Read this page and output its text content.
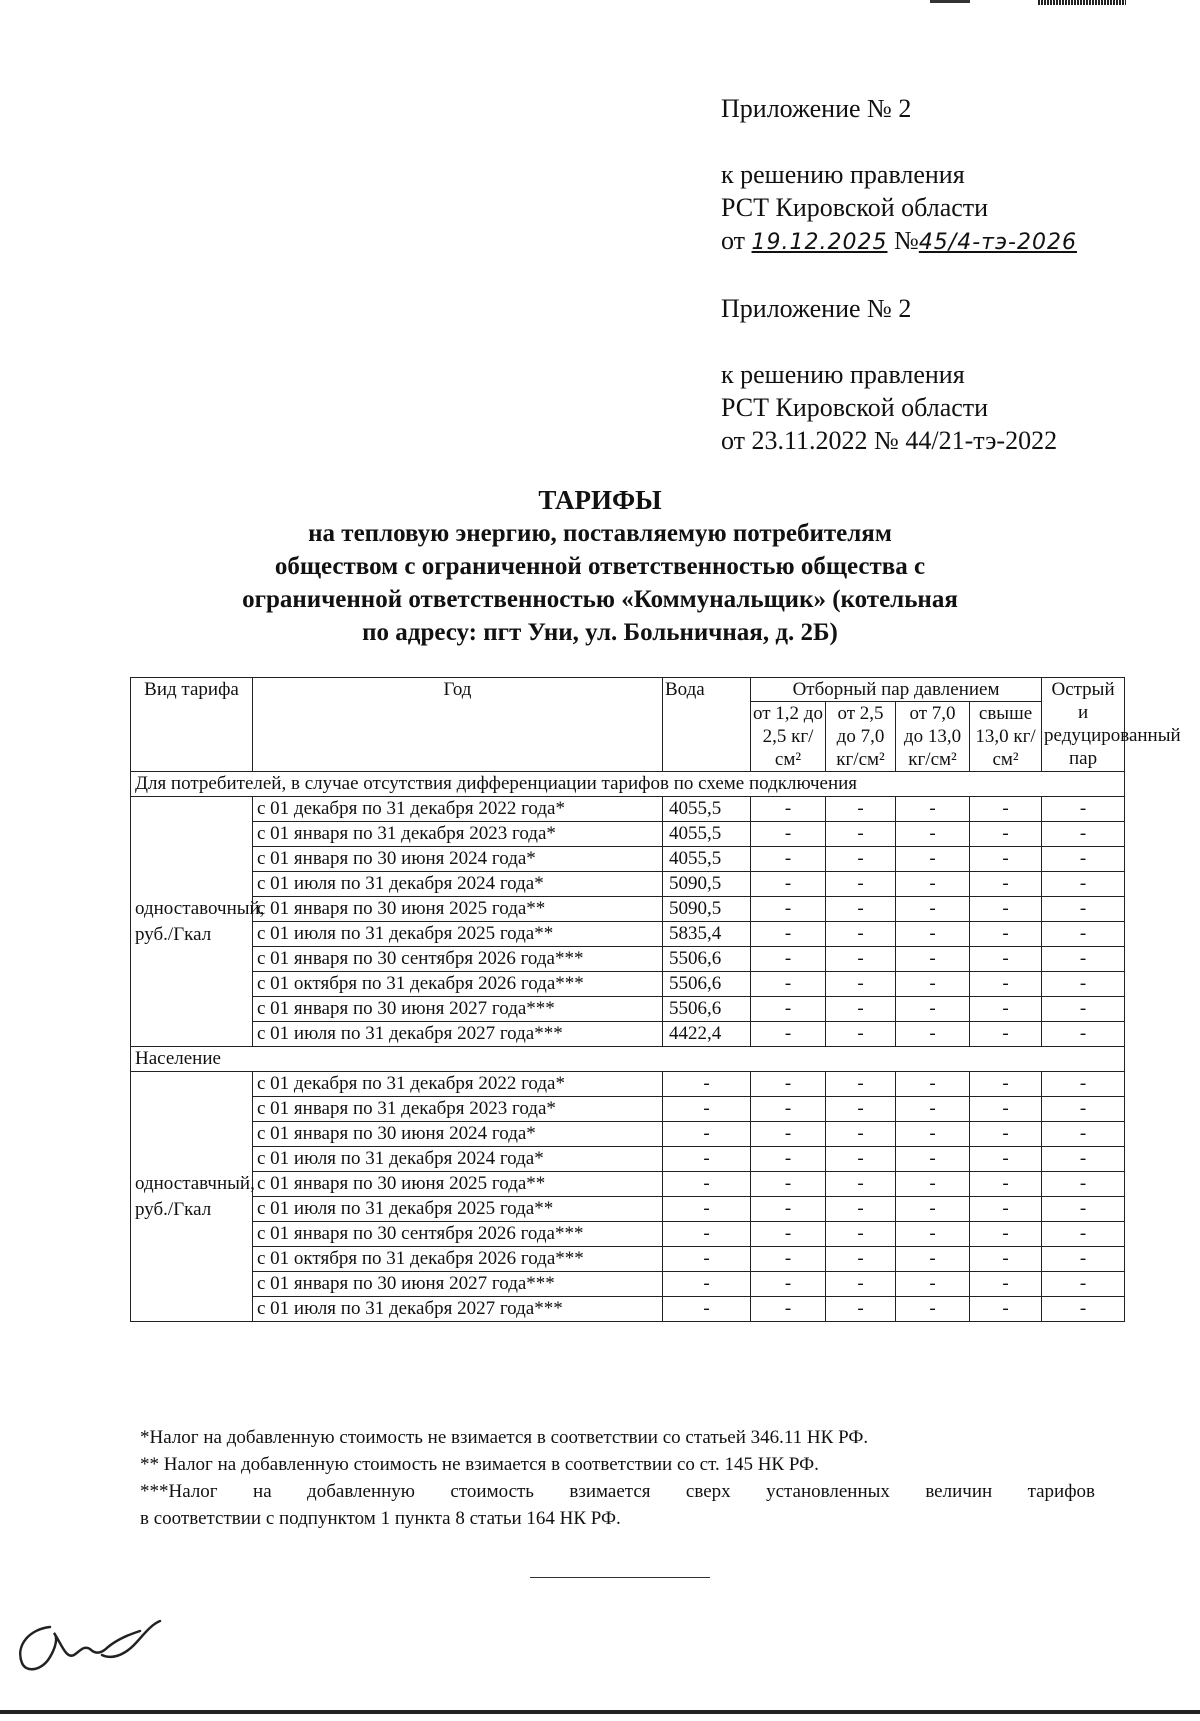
Приложение № 2
к решению правления
РСТ Кировской области
от 19.12.2025 №45/4-тэ-2026
Приложение № 2
к решению правления
РСТ Кировской области
от 23.11.2022 № 44/21-тэ-2022
ТАРИФЫ
на тепловую энергию, поставляемую потребителям
обществом с ограниченной ответственностью общества с
ограниченной ответственностью «Коммунальщик» (котельная
по адресу: пгт Уни, ул. Больничная, д. 2Б)
Вид тарифа	Год	Вода	Отборный пар давлением				Острый и редуцированный пар
			от 1,2 до 2,5 кг/см²	от 2,5 до 7,0 кг/см²	от 7,0 до 13,0 кг/см²	свыше 13,0 кг/см²	
Для потребителей, в случае отсутствия дифференциации тарифов по схеме подключения							
одноставочный, руб./Гкал	с 01 декабря по 31 декабря 2022 года*	4055,5	-	-	-	-	-
	с 01 января по 31 декабря 2023 года*	4055,5	-	-	-	-	-
	с 01 января по 30 июня 2024 года*	4055,5	-	-	-	-	-
	с 01 июля по 31 декабря 2024 года*	5090,5	-	-	-	-	-
	с 01 января по 30 июня 2025 года**	5090,5	-	-	-	-	-
	с 01 июля по 31 декабря 2025 года**	5835,4	-	-	-	-	-
	с 01 января по 30 сентября 2026 года***	5506,6	-	-	-	-	-
	с 01 октября по 31 декабря 2026 года***	5506,6	-	-	-	-	-
	с 01 января по 30 июня 2027 года***	5506,6	-	-	-	-	-
	с 01 июля по 31 декабря 2027 года***	4422,4	-	-	-	-	-
Население							
одноставчный, руб./Гкал	с 01 декабря по 31 декабря 2022 года*	-	-	-	-	-	-
	с 01 января по 31 декабря 2023 года*	-	-	-	-	-	-
	с 01 января по 30 июня 2024 года*	-	-	-	-	-	-
	с 01 июля по 31 декабря 2024 года*	-	-	-	-	-	-
	с 01 января по 30 июня 2025 года**	-	-	-	-	-	-
	с 01 июля по 31 декабря 2025 года**	-	-	-	-	-	-
	с 01 января по 30 сентября 2026 года***	-	-	-	-	-	-
	с 01 октября по 31 декабря 2026 года***	-	-	-	-	-	-
	с 01 января по 30 июня 2027 года***	-	-	-	-	-	-
	с 01 июля по 31 декабря 2027 года***	-	-	-	-	-	-

*Налог на добавленную стоимость не взимается в соответствии со статьей 346.11 НК РФ.

** Налог на добавленную стоимость не взимается в соответствии со ст. 145 НК РФ.

***Налог на добавленную стоимость взимается сверх установленных величин тарифов

в соответствии с подпунктом 1 пункта 8 статьи 164 НК РФ.
